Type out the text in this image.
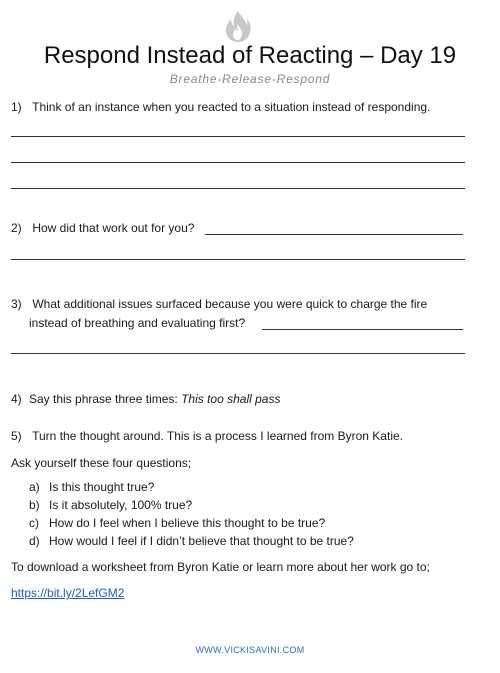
Respond Instead of Reacting – Day 19
Breathe-Release-Respond
1) Think of an instance when you reacted to a situation instead of responding.
2) How did that work out for you?
3) What additional issues surfaced because you were quick to charge the fire
instead of breathing and evaluating first?
4) Say this phrase three times: This too shall pass
5) Turn the thought around. This is a process I learned from Byron Katie.
Ask yourself these four questions;
a) Is this thought true?
b) Is it absolutely, 100% true?
c) How do I feel when I believe this thought to be true?
d) How would I feel if I didn’t believe that thought to be true?
To download a worksheet from Byron Katie or learn more about her work go to;
https://bit.ly/2LefGM2
WWW.VICKISAVINI.COM
